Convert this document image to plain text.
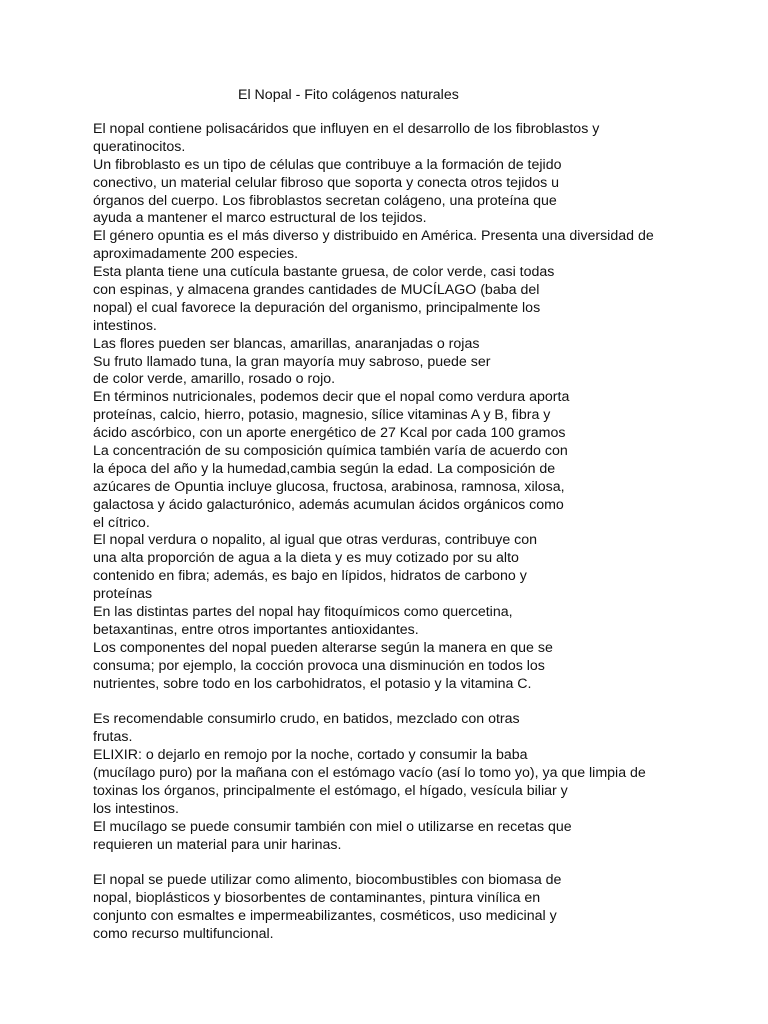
El Nopal - Fito colágenos naturales
El nopal contiene polisacáridos que influyen en el desarrollo de los fibroblastos y
queratinocitos.
Un fibroblasto es un tipo de células que contribuye a la formación de tejido
conectivo, un material celular fibroso que soporta y conecta otros tejidos u
órganos del cuerpo. Los fibroblastos secretan colágeno, una proteína que
ayuda a mantener el marco estructural de los tejidos.
El género opuntia es el más diverso y distribuido en América. Presenta una diversidad de
aproximadamente 200 especies.
Esta planta tiene una cutícula bastante gruesa, de color verde, casi todas
con espinas, y almacena grandes cantidades de MUCÍLAGO (baba del
nopal) el cual favorece la depuración del organismo, principalmente los
intestinos.
Las flores pueden ser blancas, amarillas, anaranjadas o rojas
Su fruto llamado tuna, la gran mayoría muy sabroso, puede ser
de color verde, amarillo, rosado o rojo.
En términos nutricionales, podemos decir que el nopal como verdura aporta
proteínas, calcio, hierro, potasio, magnesio, sílice vitaminas A y B, fibra y
ácido ascórbico, con un aporte energético de 27 Kcal por cada 100 gramos
La concentración de su composición química también varía de acuerdo con
la época del año y la humedad,cambia según la edad. La composición de
azúcares de Opuntia incluye glucosa, fructosa, arabinosa, ramnosa, xilosa,
galactosa y ácido galacturónico, además acumulan ácidos orgánicos como
el cítrico.
El nopal verdura o nopalito, al igual que otras verduras, contribuye con
una alta proporción de agua a la dieta y es muy cotizado por su alto
contenido en fibra; además, es bajo en lípidos, hidratos de carbono y
proteínas
En las distintas partes del nopal hay fitoquímicos como quercetina,
betaxantinas, entre otros importantes antioxidantes.
Los componentes del nopal pueden alterarse según la manera en que se
consuma; por ejemplo, la cocción provoca una disminución en todos los
nutrientes, sobre todo en los carbohidratos, el potasio y la vitamina C.
Es recomendable consumirlo crudo, en batidos, mezclado con otras
frutas.
ELIXIR: o dejarlo en remojo por la noche, cortado y consumir la baba
(mucílago puro) por la mañana con el estómago vacío (así lo tomo yo), ya que limpia de
toxinas los órganos, principalmente el estómago, el hígado, vesícula biliar y
los intestinos.
El mucílago se puede consumir también con miel o utilizarse en recetas que
requieren un material para unir harinas.
El nopal se puede utilizar como alimento, biocombustibles con biomasa de
nopal, bioplásticos y biosorbentes de contaminantes, pintura vinílica en
conjunto con esmaltes e impermeabilizantes, cosméticos, uso medicinal y
como recurso multifuncional.
